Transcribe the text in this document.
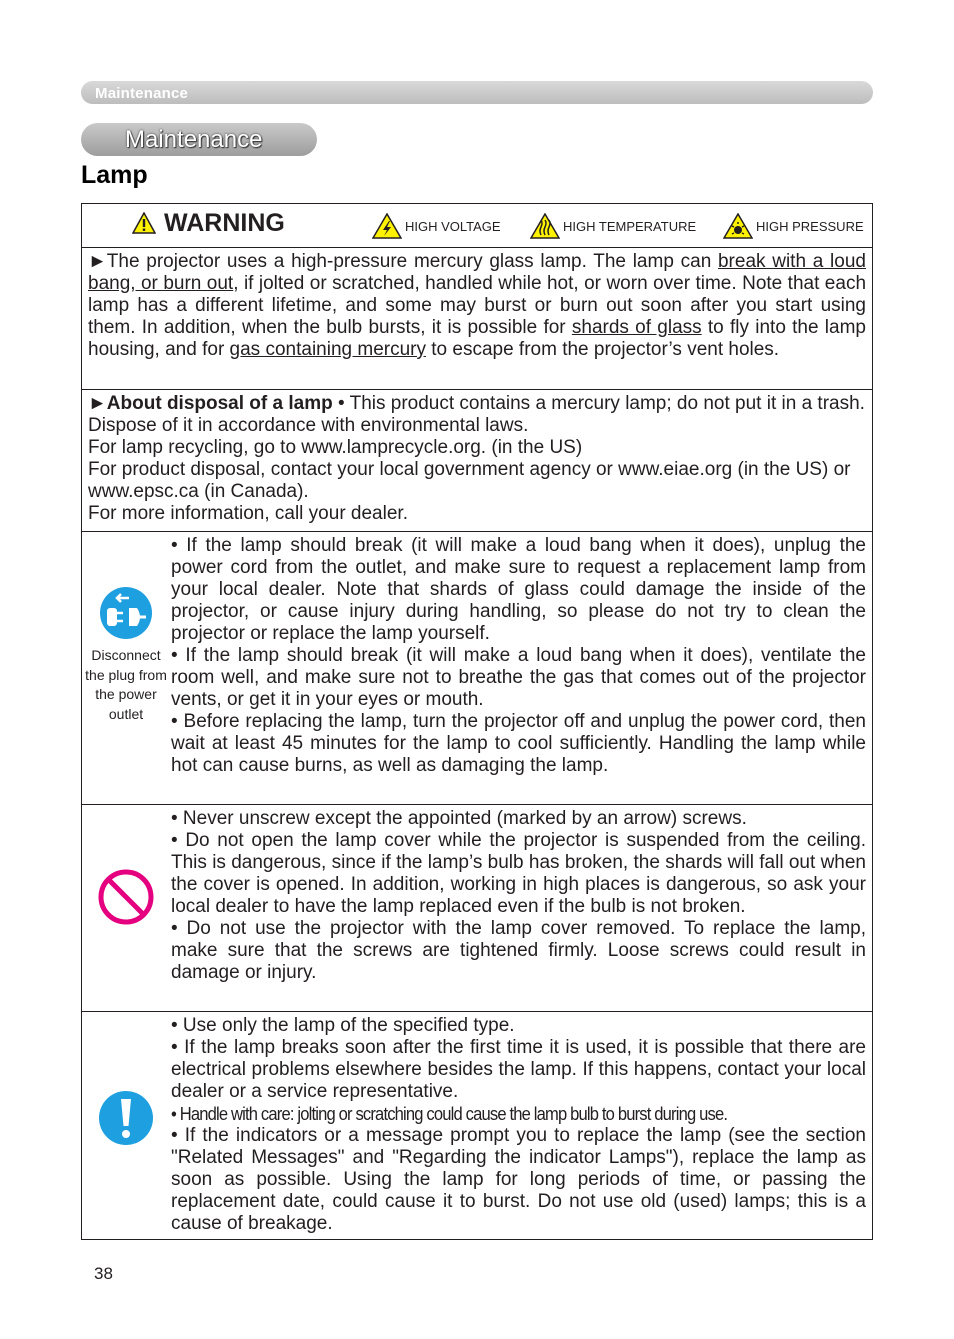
Maintenance
Maintenance
Lamp
WARNING	HIGH VOLTAGE	HIGH TEMPERATURE	HIGH PRESSURE
►The projector uses a high-pressure mercury glass lamp. The lamp can break with a loud bang, or burn out, if jolted or scratched, handled while hot, or worn over time. Note that each lamp has a different lifetime, and some may burst or burn out soon after you start using them. In addition, when the bulb bursts, it is possible for shards of glass to fly into the lamp housing, and for gas containing mercury to escape from the projector’s vent holes.
►About disposal of a lamp • This product contains a mercury lamp; do not put it in a trash. Dispose of it in accordance with environmental laws.
For lamp recycling, go to www.lamprecycle.org. (in the US)
For product disposal, contact your local government agency or www.eiae.org (in the US) or www.epsc.ca (in Canada).
For more information, call your dealer.
Disconnect the plug from the power outlet

• If the lamp should break (it will make a loud bang when it does), unplug the power cord from the outlet, and make sure to request a replacement lamp from your local dealer. Note that shards of glass could damage the inside of the projector, or cause injury during handling, so please do not try to clean the projector or replace the lamp yourself.

• If the lamp should break (it will make a loud bang when it does), ventilate the room well, and make sure not to breathe the gas that comes out of the projector vents, or get it in your eyes or mouth.

• Before replacing the lamp, turn the projector off and unplug the power cord, then wait at least 45 minutes for the lamp to cool sufficiently. Handling the lamp while hot can cause burns, as well as damaging the lamp.

• Never unscrew except the appointed (marked by an arrow) screws.

• Do not open the lamp cover while the projector is suspended from the ceiling. This is dangerous, since if the lamp’s bulb has broken, the shards will fall out when the cover is opened. In addition, working in high places is dangerous, so ask your local dealer to have the lamp replaced even if the bulb is not broken.

• Do not use the projector with the lamp cover removed. To replace the lamp, make sure that the screws are tightened firmly. Loose screws could result in damage or injury.

• Use only the lamp of the specified type.

• If the lamp breaks soon after the first time it is used, it is possible that there are electrical problems elsewhere besides the lamp. If this happens, contact your local dealer or a service representative.

• Handle with care: jolting or scratching could cause the lamp bulb to burst during use.

• If the indicators or a message prompt you to replace the lamp (see the section "Related Messages" and "Regarding the indicator Lamps"), replace the lamp as soon as possible. Using the lamp for long periods of time, or passing the replacement date, could cause it to burst. Do not use old (used) lamps; this is a cause of breakage.

38
